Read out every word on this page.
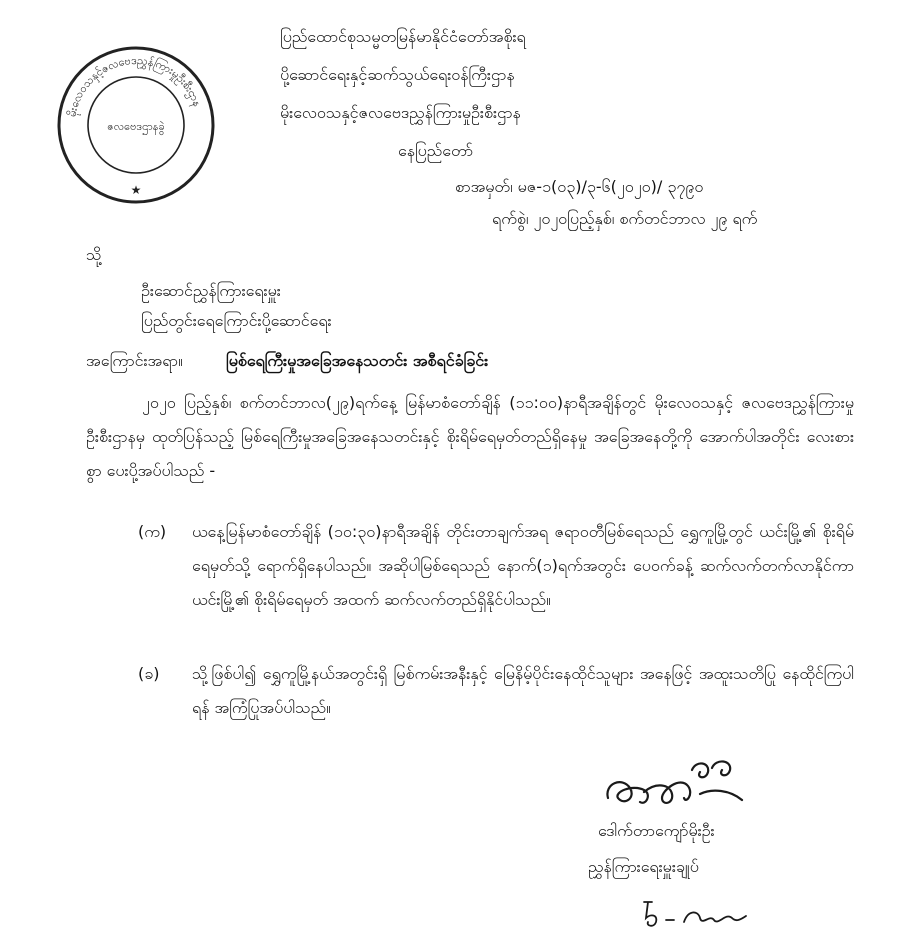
မိုးလေဝသနှင့်ဇလဗေဒညွှန်ကြားမှုဦးစီးဌာန
ဇလဗေဒဌာနခွဲ
★
ပြည်ထောင်စုသမ္မတမြန်မာနိုင်ငံတော်အစိုးရ
ပို့ဆောင်ရေးနှင့်ဆက်သွယ်ရေးဝန်ကြီးဌာန
မိုးလေဝသနှင့်ဇလဗေဒညွှန်ကြားမှုဦးစီးဌာန
နေပြည်တော်
စာအမှတ်၊ မဇ-၁(၀၃)/၃-၆(၂၀၂၀)/ ၃၇၉၀
ရက်စွဲ၊ ၂၀၂၀ပြည့်နှစ်၊ စက်တင်ဘာလ ၂၉ ရက်
သို့
ဦးဆောင်ညွှန်ကြားရေးမှူး
ပြည်တွင်းရေကြောင်းပို့ဆောင်ရေး
အကြောင်းအရာ။	မြစ်ရေကြီးမှုအခြေအနေသတင်း အစီရင်ခံခြင်း
၂၀၂၀ ပြည့်နှစ်၊ စက်တင်ဘာလ(၂၉)ရက်နေ့ မြန်မာစံတော်ချိန် (၁၁:၀၀)နာရီအချိန်တွင် မိုးလေဝသနှင့် ဇလဗေဒညွှန်ကြားမှုဦးစီးဌာနမှ ထုတ်ပြန်သည့် မြစ်ရေကြီးမှုအခြေအနေသတင်းနှင့် စိုးရိမ်ရေမှတ်တည်ရှိနေမှု အခြေအနေတို့ကို အောက်ပါအတိုင်း လေးစားစွာ ပေးပို့အပ်ပါသည် -
(က) ယနေ့မြန်မာစံတော်ချိန် (၁၀:၃၀)နာရီအချိန် တိုင်းတာချက်အရ ဇရာဝတီမြစ်ရေသည် ရွှေကူမြို့တွင် ယင်းမြို့၏ စိုးရိမ်ရေမှတ်သို့ ရောက်ရှိနေပါသည်။ အဆိုပါမြစ်ရေသည် နောက်(၁)ရက်အတွင်း ပေ၀က်ခန့် ဆက်လက်တက်လာနိုင်ကာ ယင်းမြို့၏ စိုးရိမ်ရေမှတ် အထက် ဆက်လက်တည်ရှိနိုင်ပါသည်။
(ခ) သို့ဖြစ်ပါ၍ ရွှေကူမြို့နယ်အတွင်းရှိ မြစ်ကမ်းအနီးနှင့် မြေနိမ့်ပိုင်းနေထိုင်သူများ အနေဖြင့် အထူးသတိပြု နေထိုင်ကြပါရန် အကြံပြုအပ်ပါသည်။
ဒေါက်တာကျော်မိုးဦး
ညွှန်ကြားရေးမှူးချုပ်
